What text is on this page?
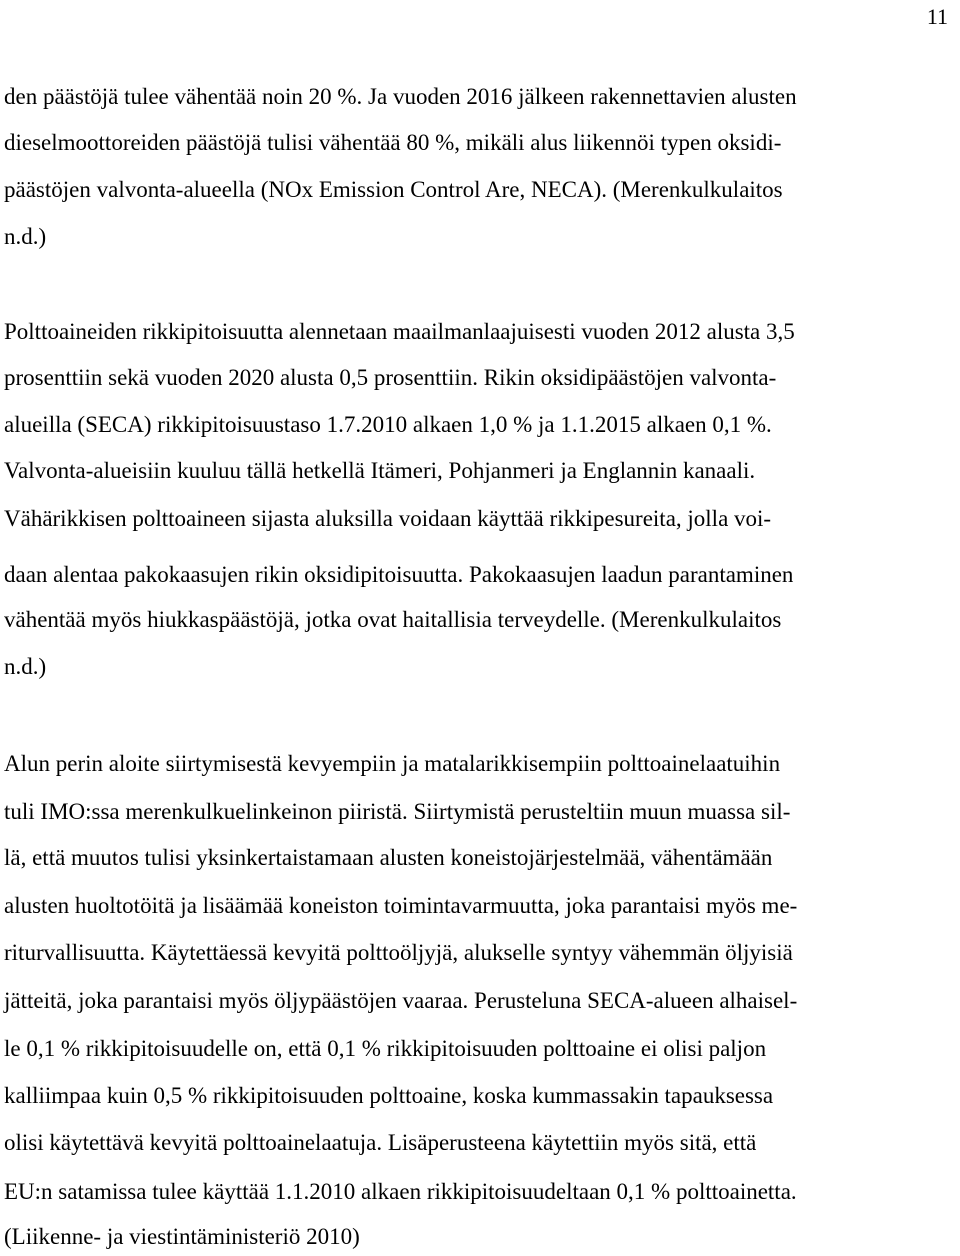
11
den päästöjä tulee vähentää noin 20 %. Ja vuoden 2016 jälkeen rakennettavien alusten
dieselmoottoreiden päästöjä tulisi vähentää 80 %, mikäli alus liikennöi typen oksidi-
päästöjen valvonta-alueella (NOx Emission Control Are, NECA). (Merenkulkulaitos
n.d.)
Polttoaineiden rikkipitoisuutta alennetaan maailmanlaajuisesti vuoden 2012 alusta 3,5
prosenttiin sekä vuoden 2020 alusta 0,5 prosenttiin. Rikin oksidipäästöjen valvonta-
alueilla (SECA) rikkipitoisuustaso 1.7.2010 alkaen 1,0 % ja 1.1.2015 alkaen 0,1 %.
Valvonta-alueisiin kuuluu tällä hetkellä Itämeri, Pohjanmeri ja Englannin kanaali.
Vähärikkisen polttoaineen sijasta aluksilla voidaan käyttää rikkipesureita, jolla voi-
daan alentaa pakokaasujen rikin oksidipitoisuutta. Pakokaasujen laadun parantaminen
vähentää myös hiukkaspäästöjä, jotka ovat haitallisia terveydelle. (Merenkulkulaitos
n.d.)
Alun perin aloite siirtymisestä kevyempiin ja matalarikkisempiin polttoainelaatuihin
tuli IMO:ssa merenkulkuelinkeinon piiristä. Siirtymistä perusteltiin muun muassa sil-
lä, että muutos tulisi yksinkertaistamaan alusten koneistojärjestelmää, vähentämään
alusten huoltotöitä ja lisäämää koneiston toimintavarmuutta, joka parantaisi myös me-
riturvallisuutta. Käytettäessä kevyitä polttoöljyjä, alukselle syntyy vähemmän öljyisiä
jätteitä, joka parantaisi myös öljypäästöjen vaaraa. Perusteluna SECA-alueen alhaisel-
le 0,1 % rikkipitoisuudelle on, että 0,1 % rikkipitoisuuden polttoaine ei olisi paljon
kalliimpaa kuin 0,5 % rikkipitoisuuden polttoaine, koska kummassakin tapauksessa
olisi käytettävä kevyitä polttoainelaatuja. Lisäperusteena käytettiin myös sitä, että
EU:n satamissa tulee käyttää 1.1.2010 alkaen rikkipitoisuudeltaan 0,1 % polttoainetta.
(Liikenne- ja viestintäministeriö 2010)
